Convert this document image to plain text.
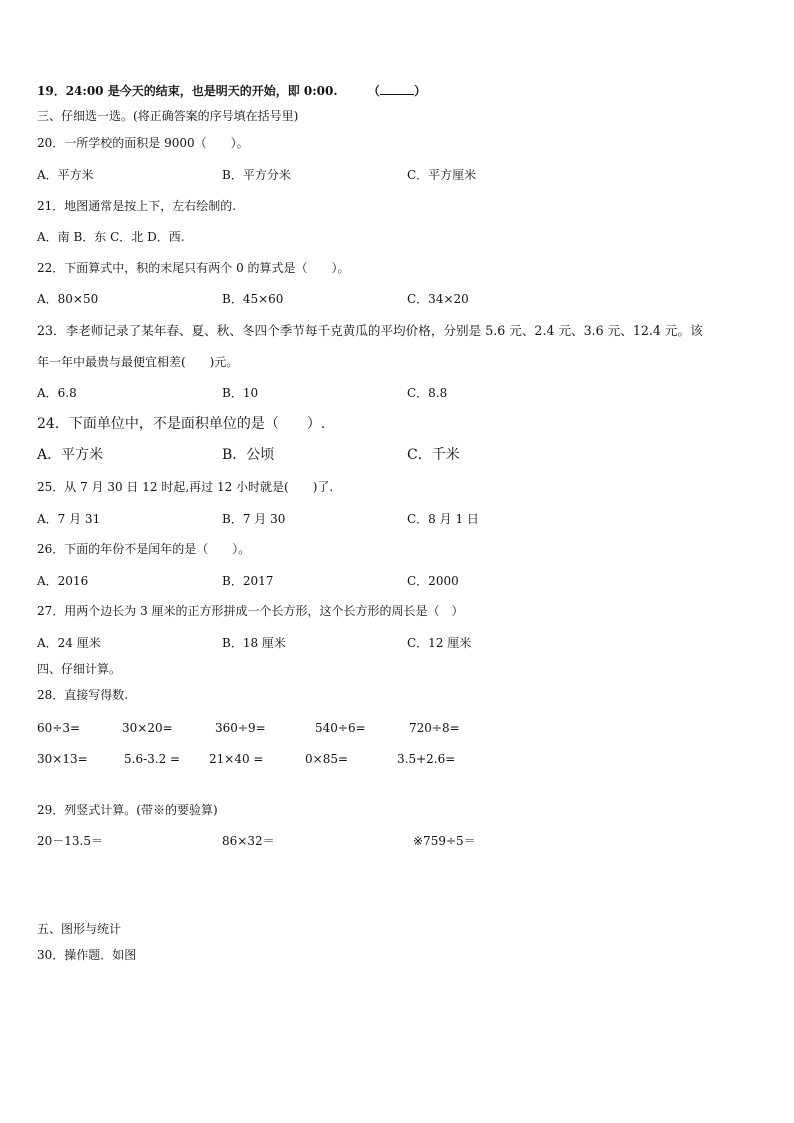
19．24:00 是今天的结束，也是明天的开始，即 0:00.	（	）
三、仔细选一选。(将正确答案的序号填在括号里)
20．一所学校的面积是 9000（　　）。
A．平方米	B．平方分米	C．平方厘米
21．地图通常是按上下，左右绘制的.
A．南 B．东 C．北 D．西.
22．下面算式中，积的末尾只有两个 0 的算式是（　　）。
A．80×50	B．45×60	C．34×20
23．李老师记录了某年春、夏、秋、冬四个季节每千克黄瓜的平均价格，分别是 5.6 元、2.4 元、3.6 元、12.4 元。该
年一年中最贵与最便宜相差(　　)元。
A．6.8	B．10	C．8.8
24．下面单位中，不是面积单位的是（　　）.
A．平方米	B．公顷	C．千米
25．从 7 月 30 日 12 时起,再过 12 小时就是(　　)了.
A．7 月 31	B．7 月 30	C．8 月 1 日
26．下面的年份不是闰年的是（　　）。
A．2016	B．2017	C．2000
27．用两个边长为 3 厘米的正方形拼成一个长方形，这个长方形的周长是（　）
A．24 厘米	B．18 厘米	C．12 厘米
四、仔细计算。
28．直接写得数.
60÷3=	30×20=	360÷9=	540÷6=	720÷8=
30×13=	5.6-3.2 = 21×40 =	0×85=	3.5+2.6=
29．列竖式计算。(带※的要验算)
20－13.5＝	86×32＝	※759÷5＝
五、图形与统计
30．操作题．如图
